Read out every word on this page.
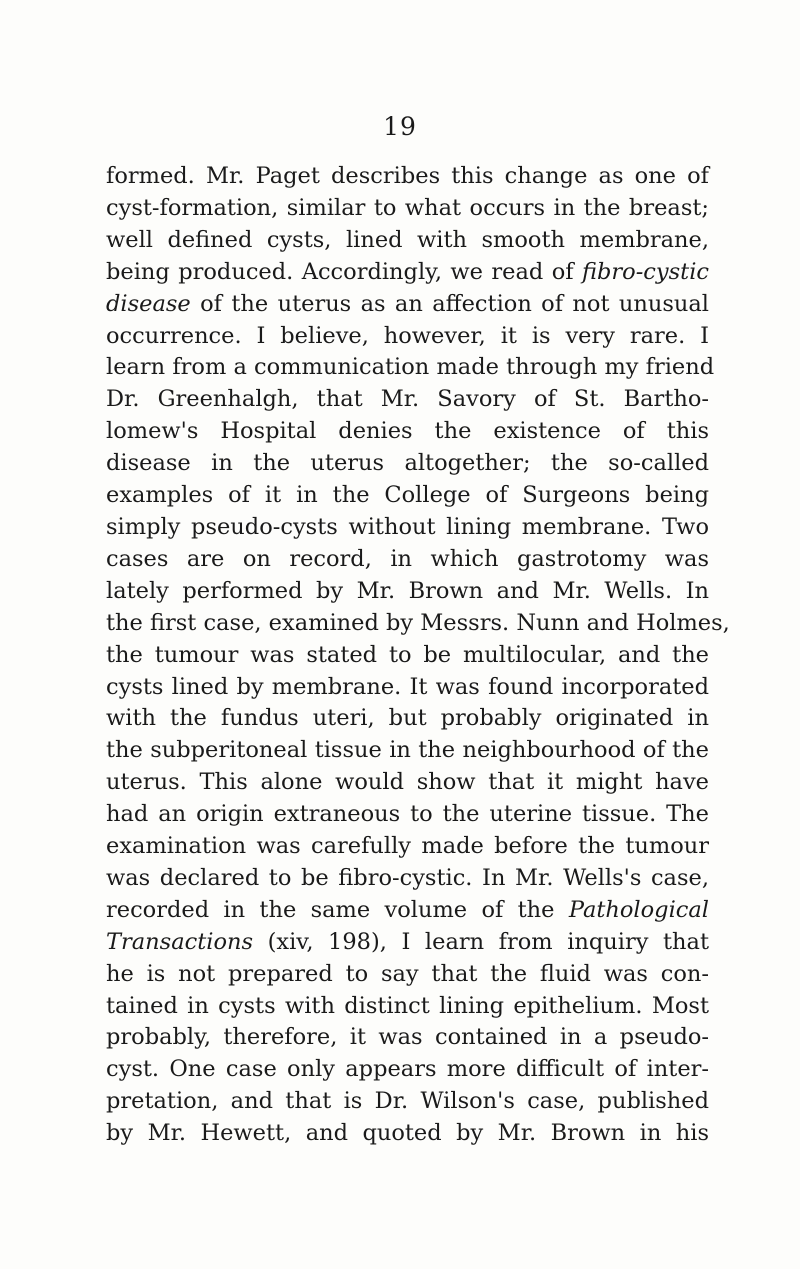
19
formed. Mr. Paget describes this change as one of
cyst-formation, similar to what occurs in the breast;
well defined cysts, lined with smooth membrane,
being produced. Accordingly, we read of fibro-cystic
disease of the uterus as an affection of not unusual
occurrence. I believe, however, it is very rare. I
learn from a communication made through my friend
Dr. Greenhalgh, that Mr. Savory of St. Bartho-
lomew's Hospital denies the existence of this
disease in the uterus altogether; the so-called
examples of it in the College of Surgeons being
simply pseudo-cysts without lining membrane. Two
cases are on record, in which gastrotomy was
lately performed by Mr. Brown and Mr. Wells. In
the first case, examined by Messrs. Nunn and Holmes,
the tumour was stated to be multilocular, and the
cysts lined by membrane. It was found incorporated
with the fundus uteri, but probably originated in
the subperitoneal tissue in the neighbourhood of the
uterus. This alone would show that it might have
had an origin extraneous to the uterine tissue. The
examination was carefully made before the tumour
was declared to be fibro-cystic. In Mr. Wells's case,
recorded in the same volume of the Pathological
Transactions (xiv, 198), I learn from inquiry that
he is not prepared to say that the fluid was con-
tained in cysts with distinct lining epithelium. Most
probably, therefore, it was contained in a pseudo-
cyst. One case only appears more difficult of inter-
pretation, and that is Dr. Wilson's case, published
by Mr. Hewett, and quoted by Mr. Brown in his
